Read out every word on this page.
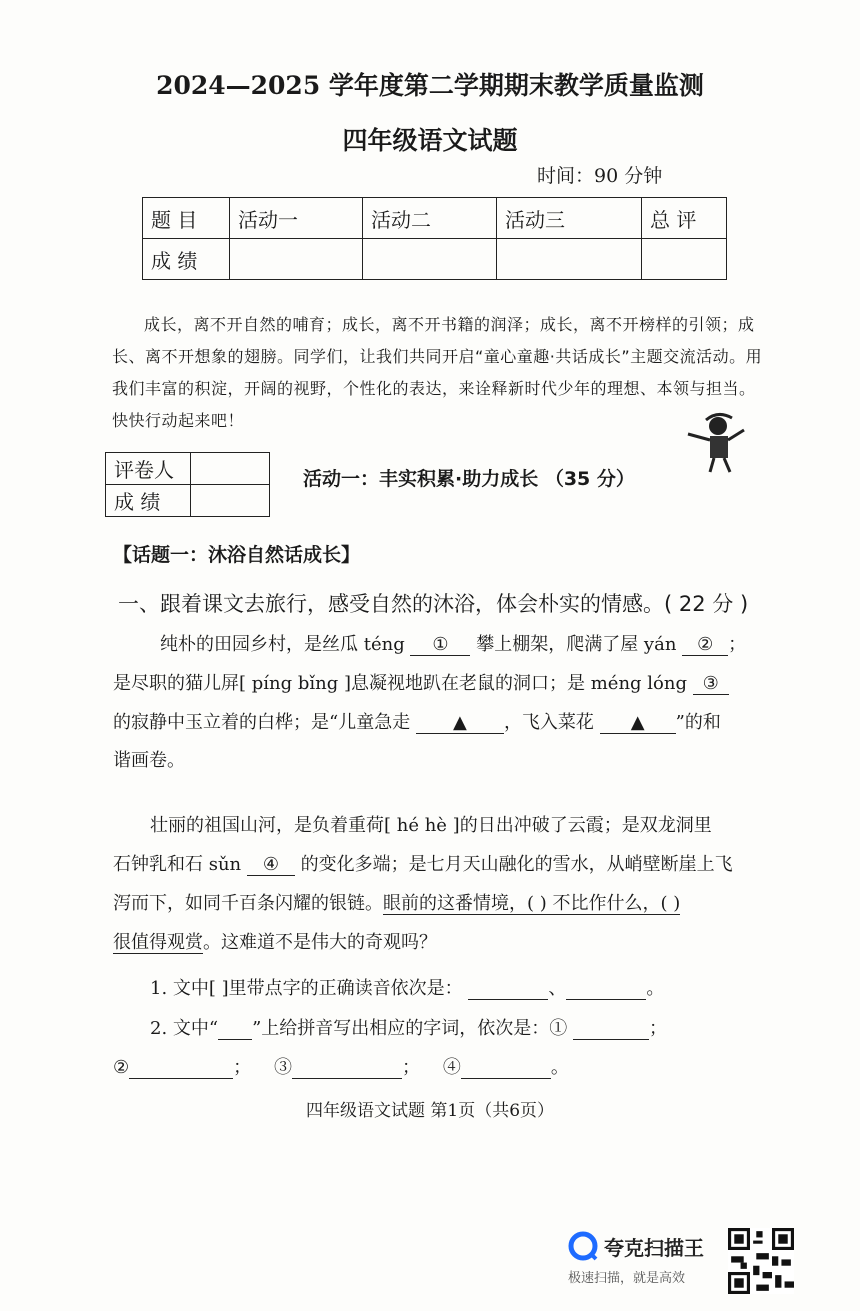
2024—2025 学年度第二学期期末教学质量监测
四年级语文试题
时间：90 分钟
题 目	活动一	活动二	活动三	总 评
成 绩				
成长，离不开自然的哺育；成长，离不开书籍的润泽；成长，离不开榜样的引领；成长、离不开想象的翅膀。同学们，让我们共同开启“童心童趣·共话成长”主题交流活动。用我们丰富的积淀，开阔的视野，个性化的表达，来诠释新时代少年的理想、本领与担当。快快行动起来吧！
评卷人	
成 绩	
活动一：丰实积累·助力成长 （35 分）
【话题一：沐浴自然话成长】
一、跟着课文去旅行，感受自然的沐浴，体会朴实的情感。( 22 分 )
纯朴的田园乡村，是丝瓜 téng ① 攀上棚架，爬满了屋 yán ② ；
是尽职的猫儿屏[ píng bǐng ]息凝视地趴在老鼠的洞口；是 méng lóng ③
的寂静中玉立着的白桦；是“儿童急走 ▲ ，飞入菜花 ▲ ”的和
谐画卷。
壮丽的祖国山河，是负着重荷[ hé hè ]的日出冲破了云霞；是双龙洞里
石钟乳和石 sǔn ④ 的变化多端；是七月天山融化的雪水，从峭壁断崖上飞
泻而下，如同千百条闪耀的银链。眼前的这番情境，( ) 不比作什么，( )
很值得观赏。这难道不是伟大的奇观吗？
1. 文中[ ]里带点字的正确读音依次是：	、	。
2. 文中“ ”上给拼音写出相应的字词，依次是：①	；
②	； ③	； ④	。
四年级语文试题 第1页（共6页）
夸克扫描王
极速扫描，就是高效
